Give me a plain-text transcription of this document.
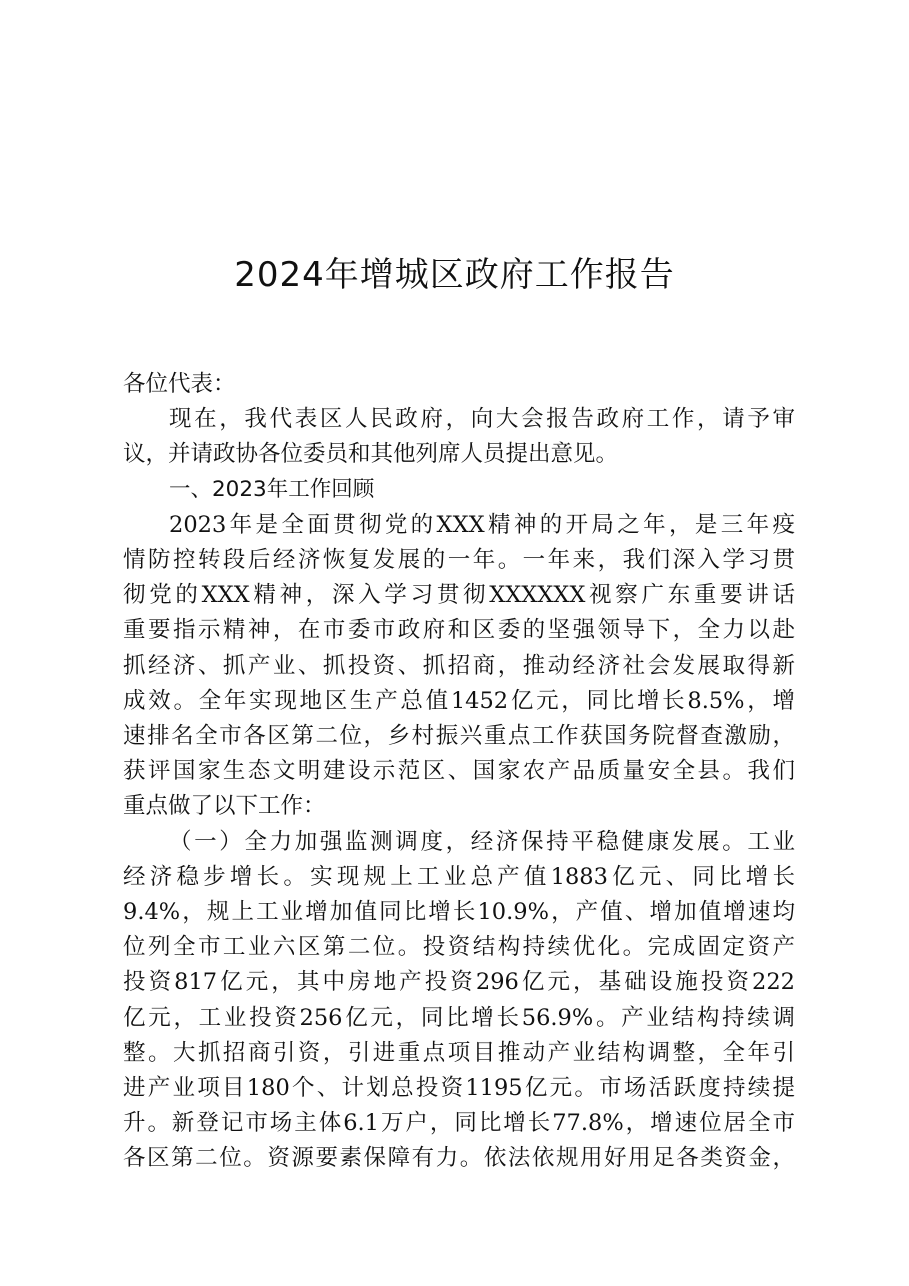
2024年增城区政府工作报告
各位代表：
现在，我代表区人民政府，向大会报告政府工作，请予审
议，并请政协各位委员和其他列席人员提出意见。
一、2023年工作回顾
2023年是全面贯彻党的XXX精神的开局之年，是三年疫
情防控转段后经济恢复发展的一年。一年来，我们深入学习贯
彻党的XXX精神，深入学习贯彻XXXXXX视察广东重要讲话
重要指示精神，在市委市政府和区委的坚强领导下，全力以赴
抓经济、抓产业、抓投资、抓招商，推动经济社会发展取得新
成效。全年实现地区生产总值1452亿元，同比增长8.5%，增
速排名全市各区第二位，乡村振兴重点工作获国务院督查激励，
获评国家生态文明建设示范区、国家农产品质量安全县。我们
重点做了以下工作：
（一）全力加强监测调度，经济保持平稳健康发展。工业
经济稳步增长。实现规上工业总产值1883亿元、同比增长
9.4%，规上工业增加值同比增长10.9%，产值、增加值增速均
位列全市工业六区第二位。投资结构持续优化。完成固定资产
投资817亿元，其中房地产投资296亿元，基础设施投资222
亿元，工业投资256亿元，同比增长56.9%。产业结构持续调
整。大抓招商引资，引进重点项目推动产业结构调整，全年引
进产业项目180个、计划总投资1195亿元。市场活跃度持续提
升。新登记市场主体6.1万户，同比增长77.8%，增速位居全市
各区第二位。资源要素保障有力。依法依规用好用足各类资金，
